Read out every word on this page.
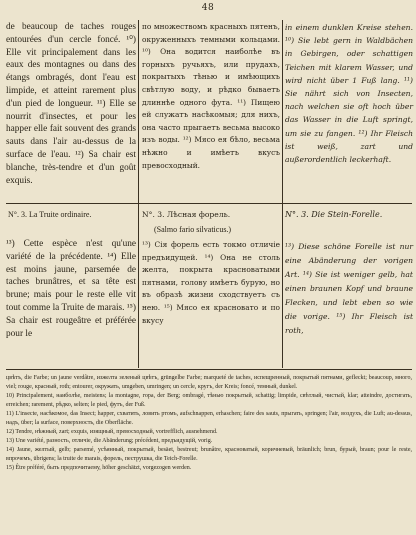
48

de beaucoup de taches rouges entourées d'un cercle foncé. ¹⁰) Elle vit principalement dans les eaux des montagnes ou dans des étangs ombragés, dont l'eau est limpide, et atteint rarement plus d'un pied de longueur. ¹¹) Elle se nourrit d'insectes, et pour les happer elle fait souvent des grands sauts dans l'air au-dessus de la surface de l'eau. ¹²) Sa chair est blanche, très-tendre et d'un goût exquis.

по множествомъ красныхъ пятенъ, окруженныхъ темными кольцами. ¹⁰) Она водится наиболѣе въ горныхъ ручьяхъ, или прудахъ, покрытыхъ тѣнью и имѣющихъ свѣтлую воду, и рѣдко бываетъ длиннѣе одного фута. ¹¹) Пищею ей служатъ насѣкомыя; для нихъ, она часто прыгаетъ весьма высоко изъ воды. ¹²) Мясо ея бѣло, весьма нѣжно и имѣетъ вкусъ превосходный.

in einem dunklen Kreise stehen. ¹⁰) Sie lebt gern in Waldbächen in Gebirgen, oder schattigen Teichen mit klarem Wasser, und wird nicht über 1 Fuß lang. ¹¹) Sie nährt sich von Insecten, nach welchen sie oft hoch über das Wasser in die Luft springt, um sie zu fangen. ¹²) Ihr Fleisch ist weiß, zart und außerordentlich leckerhaft.

N°. 3. La Truite ordinaire.	N°. 3. Лѣсная форель.	N°. 3. Die Stein-Forelle.
(Salmo fario silvaticus.)

¹³) Cette espèce n'est qu'une variété de la précédente. ¹⁴) Elle est moins jaune, parsemée de taches brunâtres, et sa tête est brune; mais pour le reste elle vit tout comme la Truite de marais. ¹⁵) Sa chair est rougeâtre et préférée pour le

¹³) Сія форель есть токмо отличіе предъидущей. ¹⁴) Она не столь желта, покрыта красноватыми пятнами, голову имѣетъ бурую, но въ образѣ жизни сходствуетъ съ нею. ¹⁵) Мясо ея красновато и по вкусу

¹³) Diese schöne Forelle ist nur eine Abänderung der vorigen Art. ¹⁴) Sie ist weniger gelb, hat einen braunen Kopf und braune Flecken, und lebt eben so wie die vorige. ¹⁵) Ihr Fleisch ist roth,

цвѣтъ, die Farbe; un jaune verdâtre, изжелта зеленый цвѣтъ, grüngelbe Farbe; marqueté de taches, испещренный, покрытый пятнами, gefleckt; beaucoup, много, viel; rouge, красный, roth; entourer, окружать, umgeben, umringen; un cercle, кругъ, der Kreis; foncé, темный, dunkel.

10) Principalement, наиболѣе, meistens; la montagne, гора, der Berg; ombragé, тѣнью покрытый, schattig; limpide, свѣтлый, чистый, klar; atteindre, достигать, erreichen; rarement, рѣдко, selten; le pied, футъ, der Fuß.

11) L'insecte, насѣкомое, das Insect; happer, схватить, ловить ртомъ, aufschnappen, erhaschen; faire des sauts, прыгать, springen; l'air, воздухъ, die Luft; au-dessus, надъ, über; la surface, поверхность, die Oberfläche.

12) Tendre, нѣжный, zart; exquis, изящный, превосходный, vortrefflich, ausnehmend.

13) Une variété, разность, отличіе, die Abänderung; précédent, предъидущій, vorig.

14) Jaune, желтый, gelb; parsemé, усѣянный, покрытый, besäet, bestreut; brunâtre, красноватый, коричневый, bräunlich; brun, бурый, braun; pour le reste, впрочемъ, übrigens; la truite de marais, форель, пеструшка, die Teich-Forelle.

15) Être préféré, быть предпочитаему, höher geschätzt, vorgezogen werden.
